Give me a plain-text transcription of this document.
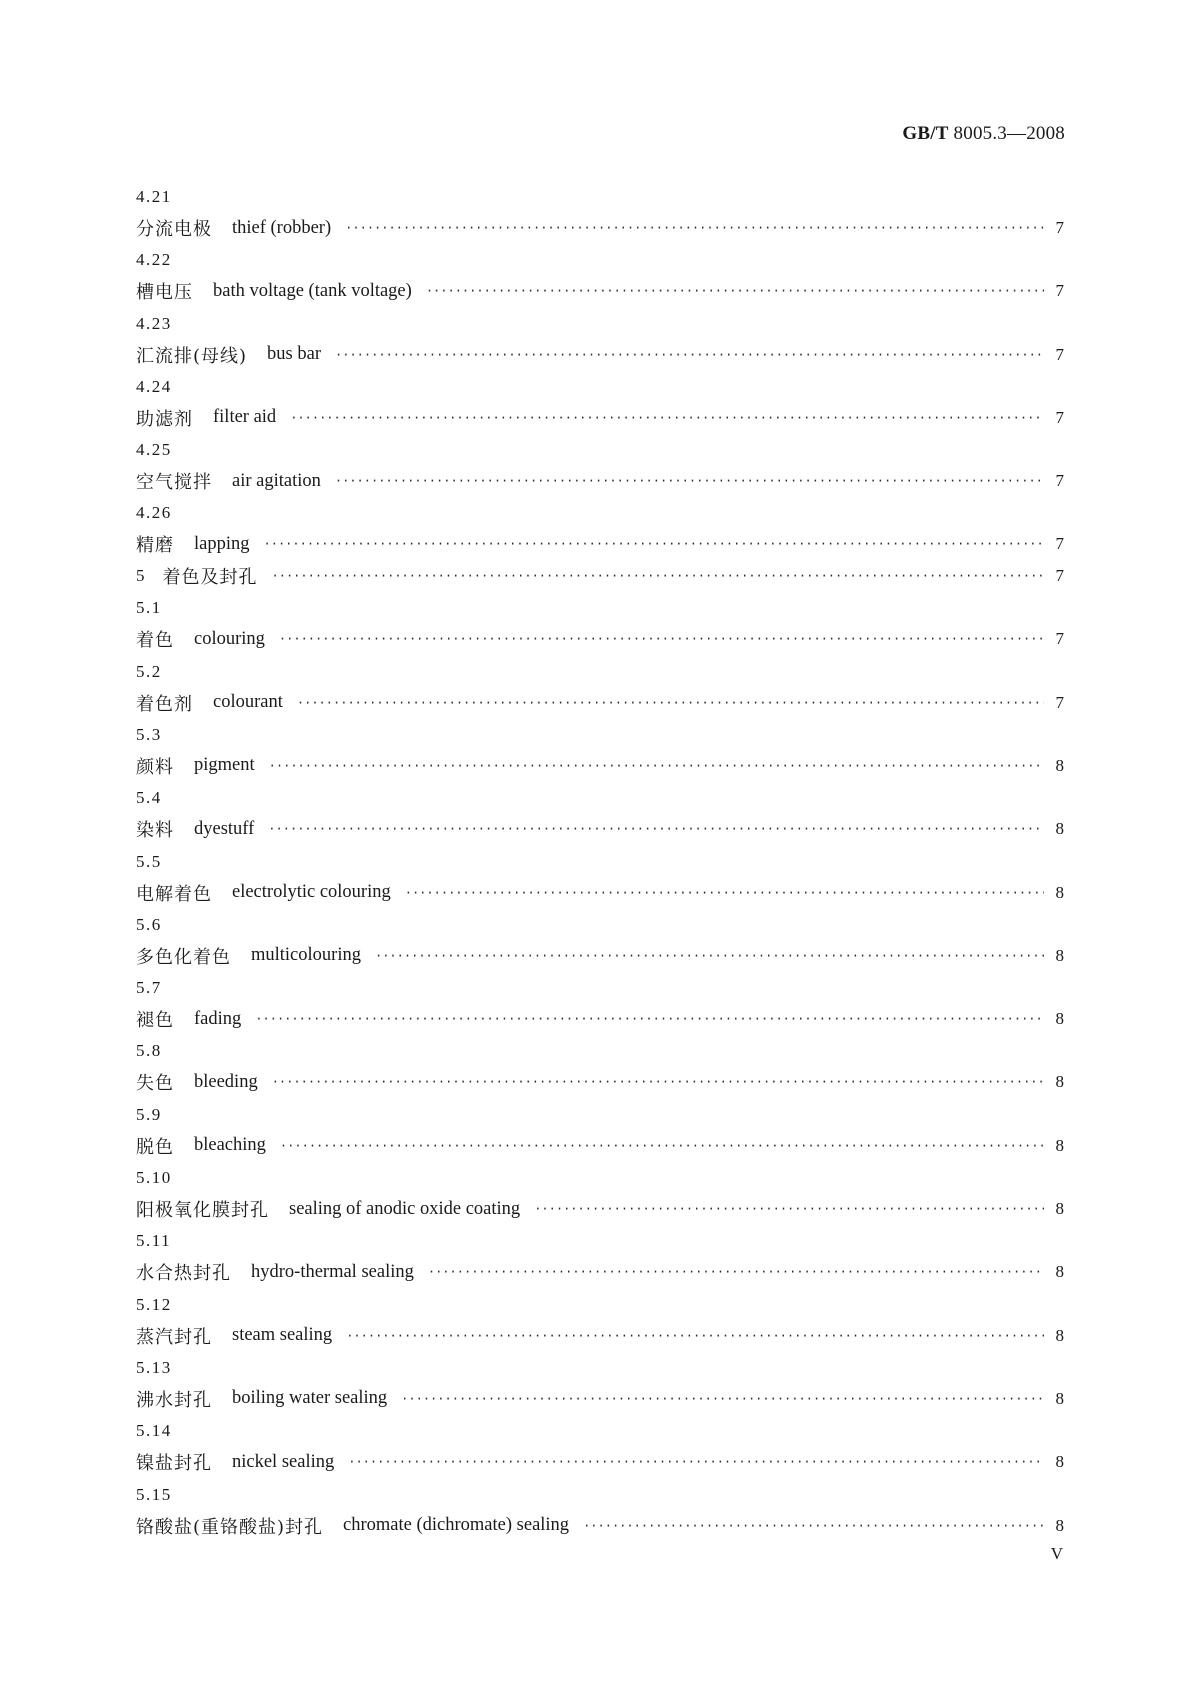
GB/T 8005.3—2008
4.21
分流电极 thief (robber) ·····	7
4.22
槽电压 bath voltage (tank voltage) ·····	7
4.23
汇流排(母线) bus bar ·····	7
4.24
助滤剂 filter aid ·····	7
4.25
空气搅拌 air agitation ·····	7
4.26
精磨 lapping ·····	7
5 着色及封孔 ·····	7
5.1
着色 colouring ·····	7
5.2
着色剂 colourant ·····	7
5.3
颜料 pigment ·····	8
5.4
染料 dyestuff ·····	8
5.5
电解着色 electrolytic colouring ·····	8
5.6
多色化着色 multicolouring ·····	8
5.7
褪色 fading ·····	8
5.8
失色 bleeding ·····	8
5.9
脱色 bleaching ·····	8
5.10
阳极氧化膜封孔 sealing of anodic oxide coating ·····	8
5.11
水合热封孔 hydro-thermal sealing ·····	8
5.12
蒸汽封孔 steam sealing ·····	8
5.13
沸水封孔 boiling water sealing ·····	8
5.14
镍盐封孔 nickel sealing ·····	8
5.15
铬酸盐(重铬酸盐)封孔 chromate (dichromate) sealing ·····	8
V
